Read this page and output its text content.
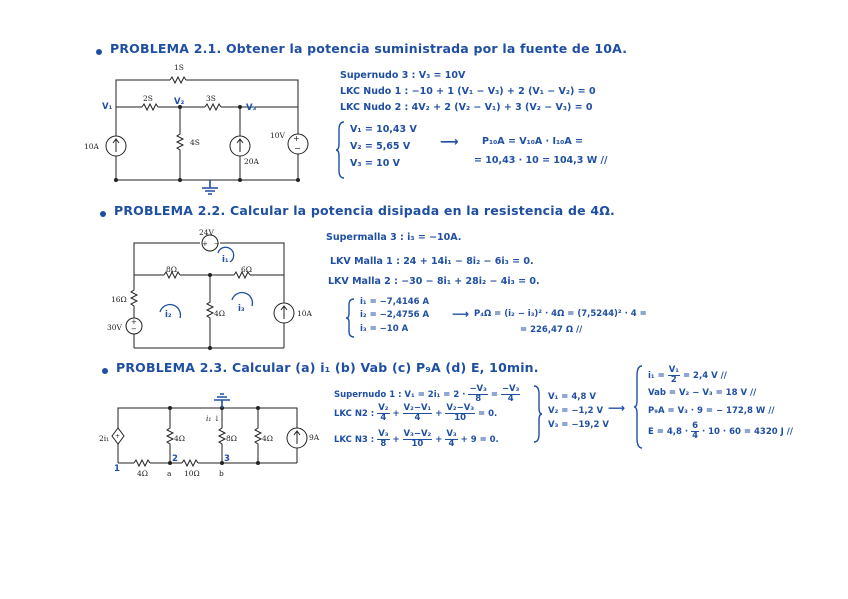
PROBLEMA 2.1. Obtener la potencia suministrada por la fuente de 10A.
+
−
1S
2S	3S
4S
10A
20A
10V
V₁	V₂
V₃
Supernudo 3 : V₃ = 10V
LKC Nudo 1 : −10 + 1 (V₁ − V₃) + 2 (V₁ − V₂) = 0
LKC Nudo 2 : 4V₂ + 2 (V₂ − V₁) + 3 (V₂ − V₃) = 0
V₁ = 10,43 V
V₂ = 5,65 V
V₃ = 10 V
⟶ P₁₀A = V₁₀A · I₁₀A =
= 10,43 · 10 = 104,3 W //
PROBLEMA 2.2. Calcular la potencia disipada en la resistencia de 4Ω.
+ −
+
−
24V
8Ω	6Ω
16Ω
30V
4Ω	10A
i₁
i₂
i₃
Supermalla 3 : i₃ = −10A.
LKV Malla 1 : 24 + 14i₁ − 8i₂ − 6i₃ = 0.
LKV Malla 2 : −30 − 8i₁ + 28i₂ − 4i₃ = 0.
i₁ = −7,4146 A
i₂ = −2,4756 A
i₃ = −10 A
⟶ P₄Ω = (i₂ − i₃)² · 4Ω = (7,5244)² · 4 =
= 226,47 Ω //
PROBLEMA 2.3. Calcular (a) i₁ (b) Vab (c) P₉A (d) E, 10min.
+
2i₁	4Ω
i₁ ↓
8Ω	4Ω	9A
4Ω	10Ω
a	b
1
2	3
Supernudo 1 : $V_1 = 2i_1 = 2 \cdot \frac{\text{−V₃}}{8} = \frac{\text{−V₃}}{4}$
LKC N2 : $\frac{\text{V₂}}{4} + \frac{\text{V₂−V₁}}{4} + \frac{\text{V₂−V₃}}{10} = 0$.
LKC N3 : $\frac{\text{V₃}}{8} + \frac{\text{V₃−V₂}}{10} + \frac{\text{V₃}}{4} + 9 = 0$.
V₁ = 4,8 V
V₂ = −1,2 V
V₃ = −19,2 V
⟶
$i_1 = \frac{\text{V₁}}{2} = 2,4$ V //
Vab = V₂ − V₃ = 18 V //
P₉A = V₃ · 9 = − 172,8 W //
$E = 4,8 \cdot \frac{6}{4} \cdot 10 \cdot 60 = 4320$ J //
